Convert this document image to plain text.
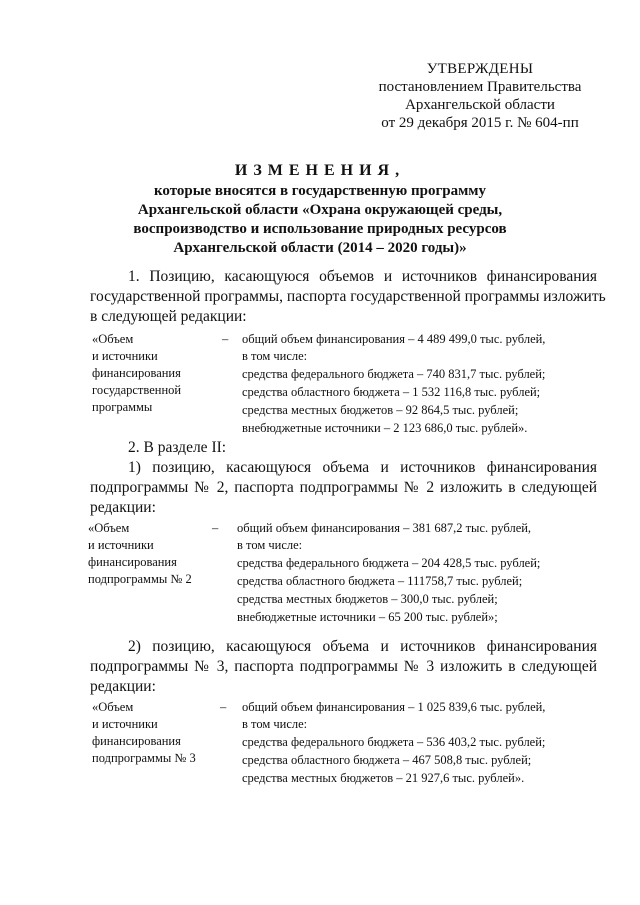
УТВЕРЖДЕНЫ
постановлением Правительства
Архангельской области
от 29 декабря 2015 г. № 604-пп
ИЗМЕНЕНИЯ,
которые вносятся в государственную программу
Архангельской области «Охрана окружающей среды,
воспроизводство и использование природных ресурсов
Архангельской области (2014 – 2020 годы)»
1. Позицию, касающуюся объемов и источников финансирования
государственной программы, паспорта государственной программы изложить
в следующей редакции:
«Объем
и источники
финансирования
государственной
программы
– общий объем финансирования – 4 489 499,0 тыс. рублей,
в том числе:
средства федерального бюджета – 740 831,7 тыс. рублей;
средства областного бюджета – 1 532 116,8 тыс. рублей;
средства местных бюджетов – 92 864,5 тыс. рублей;
внебюджетные источники – 2 123 686,0 тыс. рублей».
2. В разделе II:
1) позицию, касающуюся объема и источников финансирования
подпрограммы № 2, паспорта подпрограммы № 2 изложить в следующей
редакции:
«Объем
и источники
финансирования
подпрограммы № 2
– общий объем финансирования – 381 687,2 тыс. рублей,
в том числе:
средства федерального бюджета – 204 428,5 тыс. рублей;
средства областного бюджета – 111758,7 тыс. рублей;
средства местных бюджетов – 300,0 тыс. рублей;
внебюджетные источники – 65 200 тыс. рублей»;
2) позицию, касающуюся объема и источников финансирования
подпрограммы № 3, паспорта подпрограммы № 3 изложить в следующей
редакции:
«Объем
и источники
финансирования
подпрограммы № 3
– общий объем финансирования – 1 025 839,6 тыс. рублей,
в том числе:
средства федерального бюджета – 536 403,2 тыс. рублей;
средства областного бюджета – 467 508,8 тыс. рублей;
средства местных бюджетов – 21 927,6 тыс. рублей».
